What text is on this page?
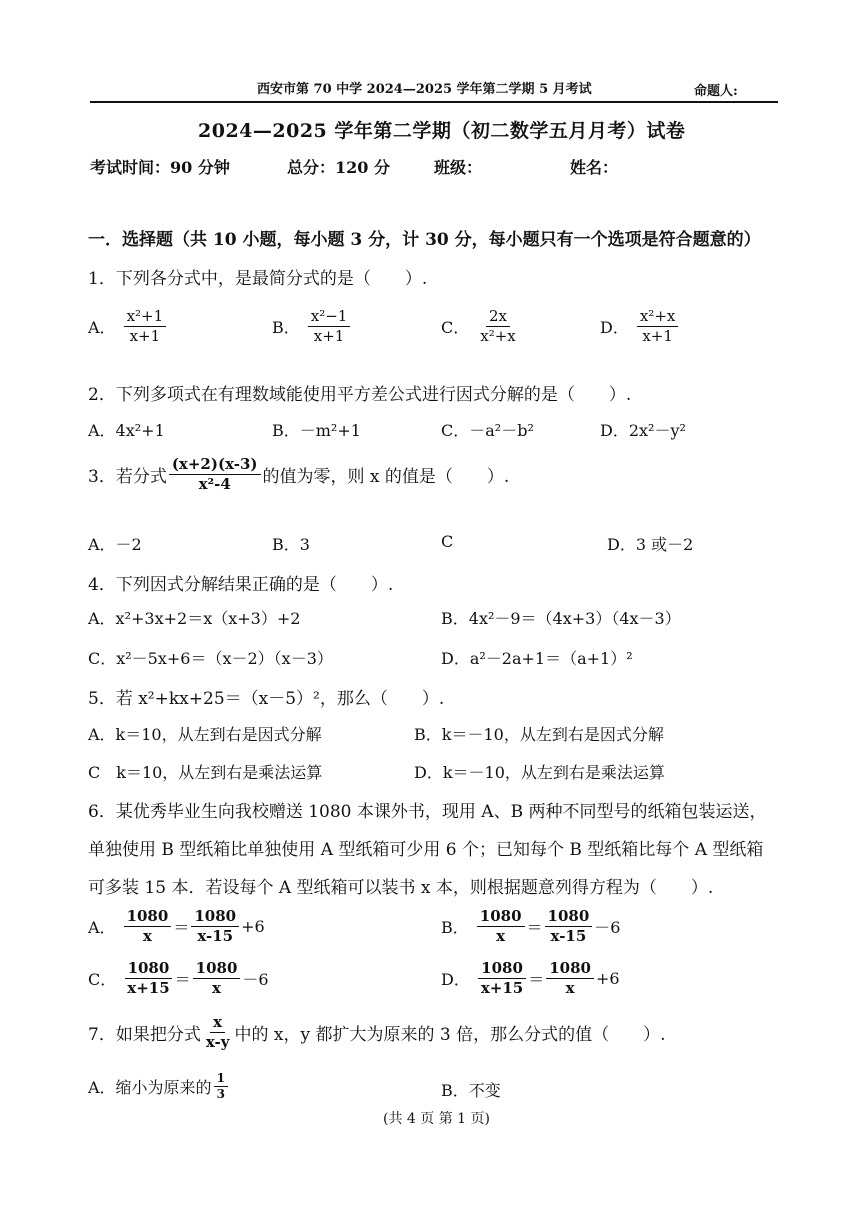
西安市第 70 中学 2024—2025 学年第二学期 5 月考试	命题人:
2024—2025 学年第二学期（初二数学五月月考）试卷
考试时间：90 分钟	总分：120 分	班级：	姓名：
一．选择题（共 10 小题，每小题 3 分，计 30 分，每小题只有一个选项是符合题意的）
1．下列各分式中，是最简分式的是（　　）.
A． $\frac{\text{x²+1}}{x+1}$	B． $\frac{\text{x²−1}}{x+1}$	C． $\frac{2x}{\text{x²+x}}$	D． $\frac{\text{x²+x}}{x+1}$
2．下列多项式在有理数域能使用平方差公式进行因式分解的是（　　）.
A．4x²+1	B．－m²+1	C．－a²－b²	D．2x²－y²
3．若分式 $\frac{(x+2)(x-3)}{\text{x²-4}}$ 的值为零，则 x 的值是（　　）.
A．－2	B．3	C	D．3 或－2
4．下列因式分解结果正确的是（　　）.
A．x²+3x+2＝x（x+3）+2	B．4x²－9＝（4x+3）（4x－3）
C．x²－5x+6＝（x－2）（x－3）	D．a²－2a+1＝（a+1）²
5．若 x²+kx+25＝（x－5）²，那么（　　）.
A．k＝10，从左到右是因式分解	B．k＝－10，从左到右是因式分解
C　k＝10，从左到右是乘法运算	D．k＝－10，从左到右是乘法运算
6．某优秀毕业生向我校赠送 1080 本课外书，现用 A、B 两种不同型号的纸箱包装运送，
单独使用 B 型纸箱比单独使用 A 型纸箱可少用 6 个；已知每个 B 型纸箱比每个 A 型纸箱
可多装 15 本．若设每个 A 型纸箱可以装书 x 本，则根据题意列得方程为（　　）.
A． $\frac{1080}{x} = \frac{1080}{x-15} +6$	B． $\frac{1080}{x} = \frac{1080}{x-15} -6$
C． $\frac{1080}{x+15} = \frac{1080}{x} -6$	D． $\frac{1080}{x+15} = \frac{1080}{x} +6$
7．如果把分式 $\frac{x}{x-y}$ 中的 x，y 都扩大为原来的 3 倍，那么分式的值（　　）.
A．缩小为原来的 $\frac{1}{3}$	B．不变
(共 4 页 第 1 页)
